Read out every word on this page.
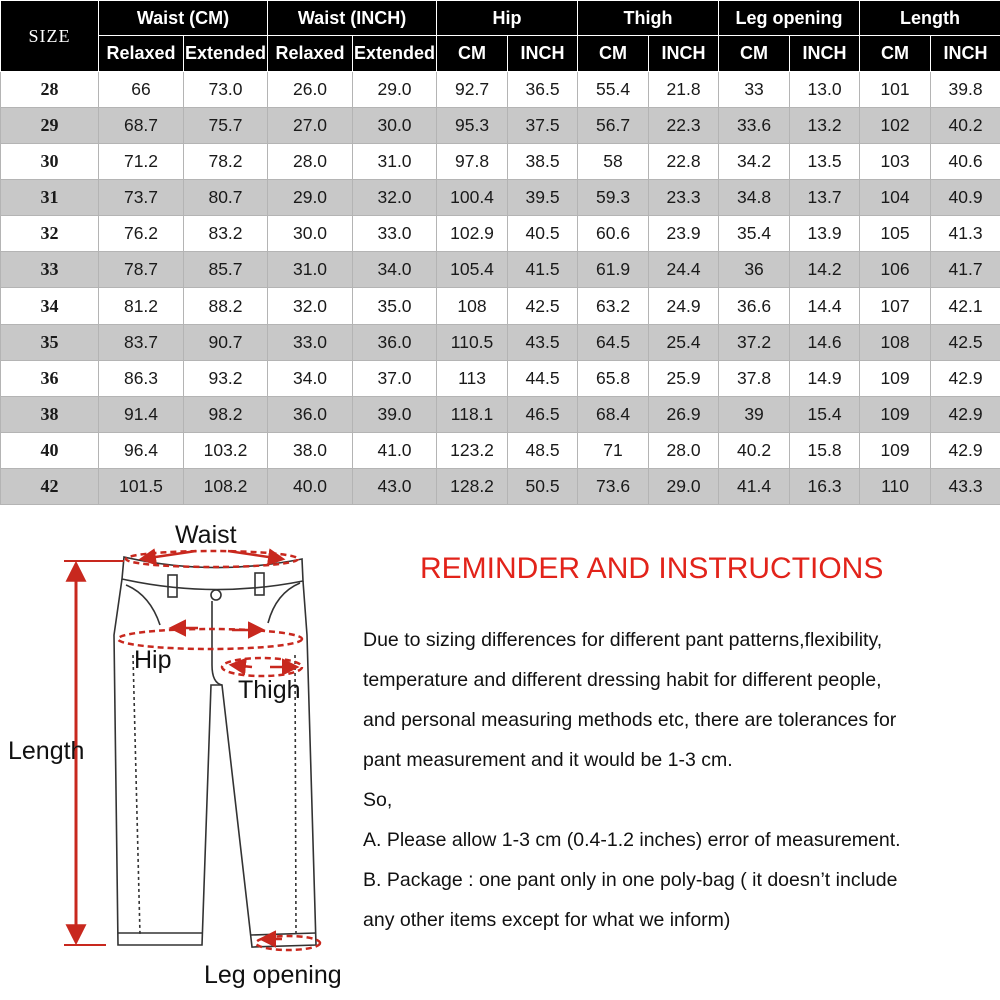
SIZE	Waist (CM)		Waist (INCH)		Hip		Thigh		Leg opening		Length	
	Relaxed	Extended	Relaxed	Extended	CM	INCH	CM	INCH	CM	INCH	CM	INCH
28	66	73.0	26.0	29.0	92.7	36.5	55.4	21.8	33	13.0	101	39.8
29	68.7	75.7	27.0	30.0	95.3	37.5	56.7	22.3	33.6	13.2	102	40.2
30	71.2	78.2	28.0	31.0	97.8	38.5	58	22.8	34.2	13.5	103	40.6
31	73.7	80.7	29.0	32.0	100.4	39.5	59.3	23.3	34.8	13.7	104	40.9
32	76.2	83.2	30.0	33.0	102.9	40.5	60.6	23.9	35.4	13.9	105	41.3
33	78.7	85.7	31.0	34.0	105.4	41.5	61.9	24.4	36	14.2	106	41.7
34	81.2	88.2	32.0	35.0	108	42.5	63.2	24.9	36.6	14.4	107	42.1
35	83.7	90.7	33.0	36.0	110.5	43.5	64.5	25.4	37.2	14.6	108	42.5
36	86.3	93.2	34.0	37.0	113	44.5	65.8	25.9	37.8	14.9	109	42.9
38	91.4	98.2	36.0	39.0	118.1	46.5	68.4	26.9	39	15.4	109	42.9
40	96.4	103.2	38.0	41.0	123.2	48.5	71	28.0	40.2	15.8	109	42.9
42	101.5	108.2	40.0	43.0	128.2	50.5	73.6	29.0	41.4	16.3	110	43.3
Waist
Hip
Thigh
Length
Leg opening
REMINDER AND INSTRUCTIONS

Due to sizing differences for different pant patterns,flexibility,

temperature and different dressing habit for different people,

and personal measuring methods etc, there are tolerances for

pant measurement and it would be 1-3 cm.

So,

A. Please allow 1-3 cm (0.4-1.2 inches) error of measurement.

B. Package : one pant only in one poly-bag ( it doesn’t include

any other items except for what we inform)
